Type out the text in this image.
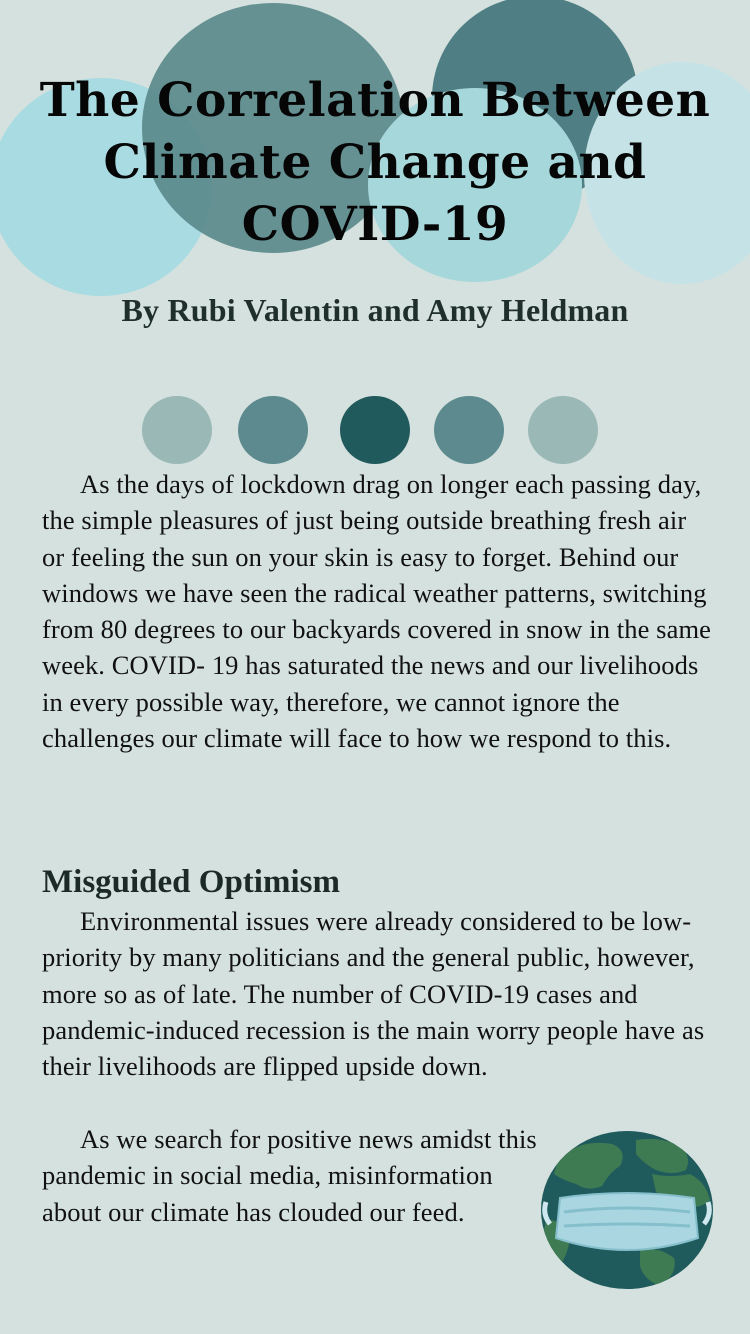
The Correlation Between Climate Change and COVID-19
By Rubi Valentin and Amy Heldman

As the days of lockdown drag on longer each passing day, the simple pleasures of just being outside breathing fresh air or feeling the sun on your skin is easy to forget. Behind our windows we have seen the radical weather patterns, switching from 80 degrees to our backyards covered in snow in the same week. COVID- 19 has saturated the news and our livelihoods in every possible way, therefore, we cannot ignore the challenges our climate will face to how we respond to this.

Misguided Optimism

Environmental issues were already considered to be low-priority by many politicians and the general public, however, more so as of late. The number of COVID-19 cases and pandemic-induced recession is the main worry people have as their livelihoods are flipped upside down.

As we search for positive news amidst this pandemic in social media, misinformation about our climate has clouded our feed.
